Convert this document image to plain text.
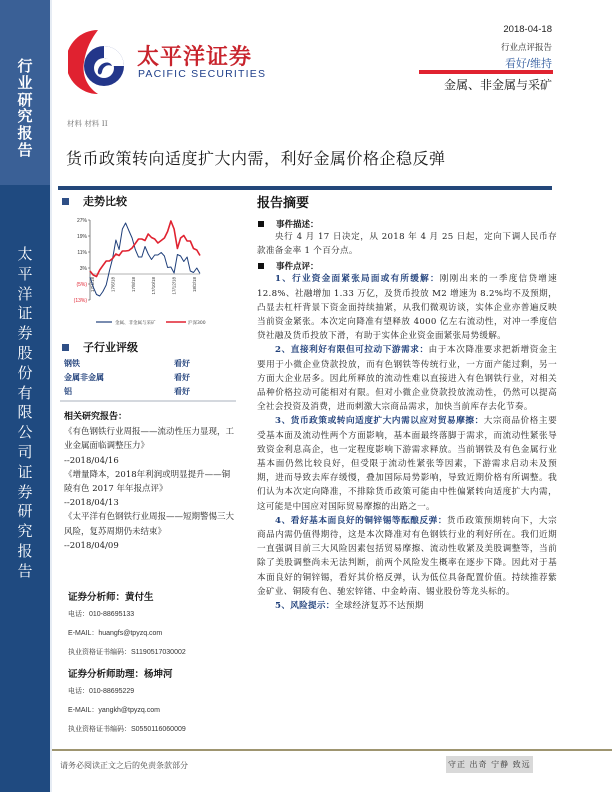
行
业
研
究
报
告
太
平
洋
证
券
股
份
有
限
公
司
证
券
研
究
报
告
太平洋证券
PACIFIC SECURITIES
2018-04-18
行业点评报告
看好/维持
金属、非金属与采矿
材料 材料 II
货币政策转向适度扩大内需，利好金属价格企稳反弹
走势比较
27%
19%
11%
3%
(5%)
(13%)
17/4/18	17/6/18	17/8/18	17/10/18	17/12/18	18/2/18
金属、非金属与采矿	沪深300
子行业评级
钢铁	看好
金属非金属	看好
铝	看好
相关研究报告：
《有色钢铁行业周报——流动性压力显现，工业金属面临调整压力》
--2018/04/16
《增量降本，2018年利润或明显提升——铜陵有色 2017 年年报点评》
--2018/04/13
《太平洋有色钢铁行业周报——短期警惕三大风险，复苏周期仍未结束》
--2018/04/09
证券分析师：黄付生
电话：010-88695133
E-MAIL：huangfs@tpyzq.com
执业资格证书编码：S1190517030002
证券分析师助理：杨坤河
电话：010-88695229
E-MAIL：yangkh@tpyzq.com
执业资格证书编码：S0550116060009
报告摘要
事件描述：
央行 4 月 17 日决定，从 2018 年 4 月 25 日起，定向下调人民币存款准备金率 1 个百分点。
事件点评：
1、行业资金面紧张局面或有所缓解：刚刚出来的一季度信贷增速 12.8%、社融增加 1.33 万亿，及货币投放 M2 增速为 8.2%均不及预期，凸显去杠杆背景下资金面持续抽紧，从我们微观访谈，实体企业亦普遍反映当前资金紧张。本次定向降准有望释放 4000 亿左右流动性，对冲一季度信贷社融及货币投放下滑，有助于实体企业资金面紧张局势缓解。
2、直接利好有限但可拉动下游需求：由于本次降准要求把新增资金主要用于小微企业贷款投放，而有色钢铁等传统行业，一方面产能过剩，另一方面大企业居多。因此所释放的流动性难以直接进入有色钢铁行业，对相关品种价格拉动可能相对有限。但对小微企业贷款投放流动性，仍然可以提高全社会投资及消费，进而刺激大宗商品需求，加快当前库存去化节奏。
3、货币政策或转向适度扩大内需以应对贸易摩擦：大宗商品价格主要受基本面及流动性两个方面影响，基本面最终落脚于需求，而流动性紧张导致资金利息高企，也一定程度影响下游需求释放。当前钢铁及有色金属行业基本面仍然比较良好，但受限于流动性紧张等因素，下游需求启动未及预期，进而导致去库存缓慢，叠加国际局势影响，导致近期价格有所调整。我们认为本次定向降准，不排除货币政策可能由中性偏紧转向适度扩大内需，这可能是中国应对国际贸易摩擦的出路之一。
4、看好基本面良好的铜锌锡等酝酿反弹：货币政策预期转向下，大宗商品内需仍值得期待，这是本次降准对有色钢铁行业的利好所在。我们近期一直强调目前三大风险因素包括贸易摩擦、流动性收紧及美股调整等，当前除了美股调整尚未无法判断，前两个风险发生概率在逐步下降。因此对于基本面良好的铜锌锡，看好其价格反弹，认为低位具备配置价值。持续推荐紫金矿业、铜陵有色、驰宏锌锗、中金岭南、锡业股份等龙头标的。
5、风险提示：全球经济复苏不达预期
请务必阅读正文之后的免责条款部分	守正 出奇 宁静 致远
